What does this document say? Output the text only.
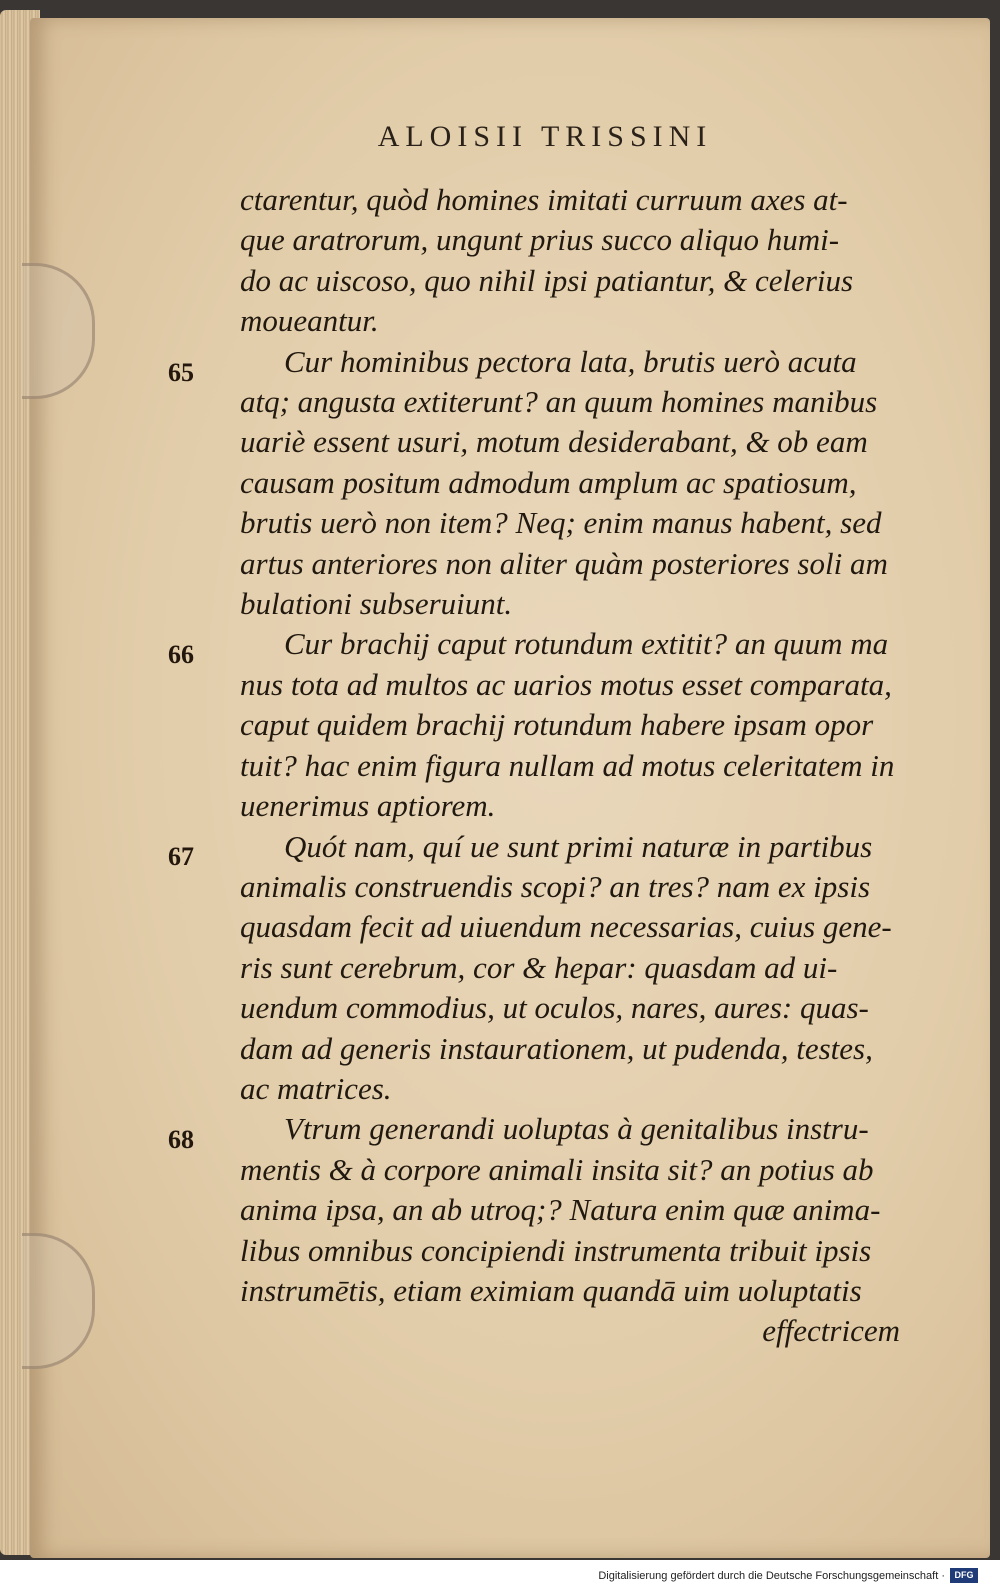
ALOISII TRISSINI
65
66
67
68

ctarentur, quòd homines imitati curruum axes at-
que aratrorum, ungunt prius succo aliquo humi-
do ac uiscoso, quo nihil ipsi patiantur, & celerius
moueantur.

Cur hominibus pectora lata, brutis uerò acuta
atq; angusta extiterunt? an quum homines manibus
uariè essent usuri, motum desiderabant, & ob eam
causam positum admodum amplum ac spatiosum,
brutis uerò non item? Neq; enim manus habent, sed
artus anteriores non aliter quàm posteriores soli am
bulationi subseruiunt.

Cur brachij caput rotundum extitit? an quum ma
nus tota ad multos ac uarios motus esset comparata,
caput quidem brachij rotundum habere ipsam opor
tuit? hac enim figura nullam ad motus celeritatem in
uenerimus aptiorem.

Quót nam, quí ue sunt primi naturæ in partibus
animalis construendis scopi? an tres? nam ex ipsis
quasdam fecit ad uiuendum necessarias, cuius gene-
ris sunt cerebrum, cor & hepar: quasdam ad ui-
uendum commodius, ut oculos, nares, aures: quas-
dam ad generis instaurationem, ut pudenda, testes,
ac matrices.

Vtrum generandi uoluptas à genitalibus instru-
mentis & à corpore animali insita sit? an potius ab
anima ipsa, an ab utroq;? Natura enim quæ anima-
libus omnibus concipiendi instrumenta tribuit ipsis
instrumētis, etiam eximiam quandā uim uoluptatis
effectricem

Digitalisierung gefördert durch die Deutsche Forschungsgemeinschaft ·	DFG
